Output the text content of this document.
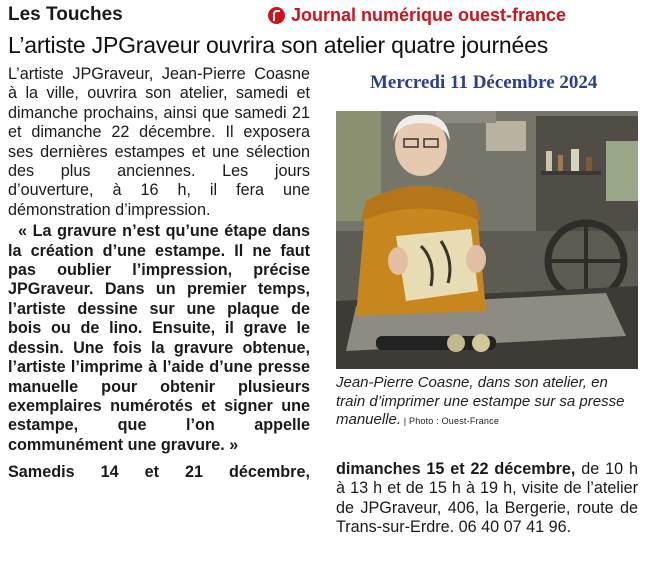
Les Touches	Journal numérique ouest-france
L’artiste JPGraveur ouvrira son atelier quatre journées
Mercredi 11 Décembre 2024

L’artiste JPGraveur, Jean-Pierre Coasne à la ville, ouvrira son atelier, samedi et dimanche prochains, ainsi que samedi 21 et dimanche 22 décembre. Il exposera ses dernières estampes et une sélection des plus anciennes. Les jours d’ouverture, à 16 h, il fera une démonstration d’impression.

« La gravure n’est qu’une étape dans la création d’une estampe. Il ne faut pas oublier l’impression, précise JPGraveur. Dans un premier temps, l’artiste dessine sur une plaque de bois ou de lino. Ensuite, il grave le dessin. Une fois la gravure obtenue, l’artiste l’imprime à l’aide d’une presse manuelle pour obtenir plusieurs exemplaires numérotés et signer une estampe, que l’on appelle communément une gravure. »

Samedis 14 et 21 décembre,

Jean-Pierre Coasne, dans son atelier, en train d’imprimer une estampe sur sa presse manuelle. | Photo : Ouest-France
dimanches 15 et 22 décembre, de 10 h à 13 h et de 15 h à 19 h, visite de l’atelier de JPGraveur, 406, la Bergerie, route de Trans-sur-Erdre. 06 40 07 41 96.
